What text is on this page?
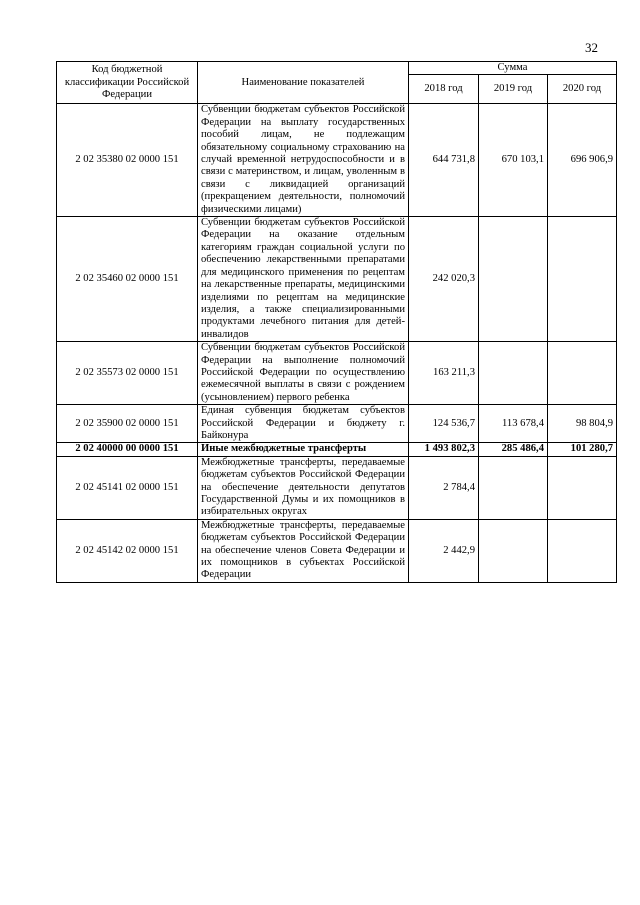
32
Код бюджетной классификации Российской Федерации	Наименование показателей	Сумма		
		2018 год	2019 год	2020 год
2 02 35380 02 0000 151	Субвенции бюджетам субъектов Российской Федерации на выплату государственных пособий лицам, не подлежащим обязательному социальному страхованию на случай временной нетрудоспособности и в связи с материнством, и лицам, уволенным в связи с ликвидацией организаций (прекращением деятельности, полномочий физическими лицами)	644 731,8	670 103,1	696 906,9
2 02 35460 02 0000 151	Субвенции бюджетам субъектов Российской Федерации на оказание отдельным категориям граждан социальной услуги по обеспечению лекарственными препаратами для медицинского применения по рецептам на лекарственные препараты, медицинскими изделиями по рецептам на медицинские изделия, а также специализированными продуктами лечебного питания для детей-инвалидов	242 020,3		
2 02 35573 02 0000 151	Субвенции бюджетам субъектов Российской Федерации на выполнение полномочий Российской Федерации по осуществлению ежемесячной выплаты в связи с рождением (усыновлением) первого ребенка	163 211,3		
2 02 35900 02 0000 151	Единая субвенция бюджетам субъектов Российской Федерации и бюджету г. Байконура	124 536,7	113 678,4	98 804,9
2 02 40000 00 0000 151	Иные межбюджетные трансферты	1 493 802,3	285 486,4	101 280,7
2 02 45141 02 0000 151	Межбюджетные трансферты, передаваемые бюджетам субъектов Российской Федерации на обеспечение деятельности депутатов Государственной Думы и их помощников в избирательных округах	2 784,4		
2 02 45142 02 0000 151	Межбюджетные трансферты, передаваемые бюджетам субъектов Российской Федерации на обеспечение членов Совета Федерации и их помощников в субъектах Российской Федерации	2 442,9		
